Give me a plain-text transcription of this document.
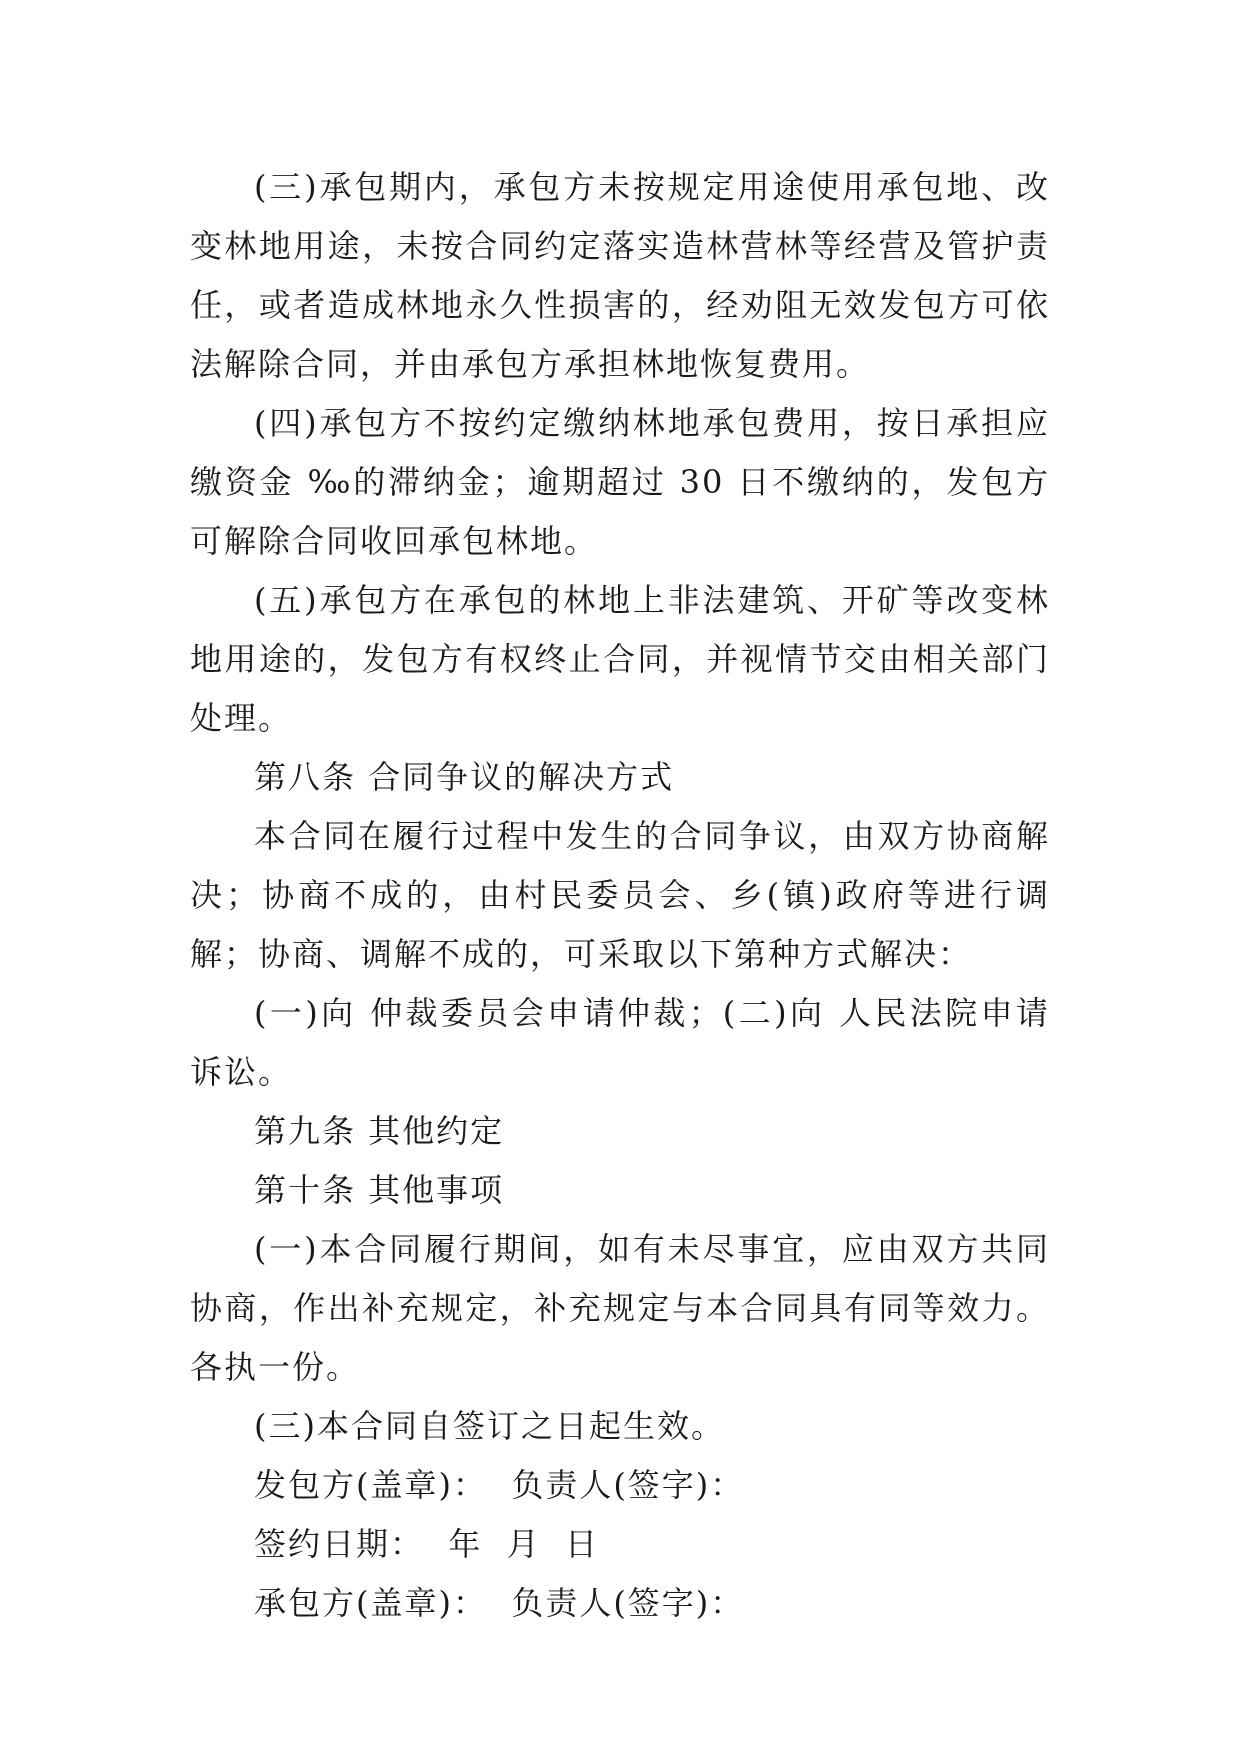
(三)承包期内，承包方未按规定用途使用承包地、改变林地用途，未按合同约定落实造林营林等经营及管护责任，或者造成林地永久性损害的，经劝阻无效发包方可依法解除合同，并由承包方承担林地恢复费用。

(四)承包方不按约定缴纳林地承包费用，按日承担应缴资金 ‰的滞纳金；逾期超过 30 日不缴纳的，发包方可解除合同收回承包林地。

(五)承包方在承包的林地上非法建筑、开矿等改变林地用途的，发包方有权终止合同，并视情节交由相关部门处理。

第八条 合同争议的解决方式

本合同在履行过程中发生的合同争议，由双方协商解决；协商不成的，由村民委员会、乡(镇)政府等进行调解；协商、调解不成的，可采取以下第种方式解决：

(一)向 仲裁委员会申请仲裁；(二)向 人民法院申请诉讼。

第九条 其他约定

第十条 其他事项

(一)本合同履行期间，如有未尽事宜，应由双方共同协商，作出补充规定，补充规定与本合同具有同等效力。 各执一份。

(三)本合同自签订之日起生效。

发包方(盖章)：  负责人(签字)：

签约日期：  年  月  日

承包方(盖章)：  负责人(签字)：
